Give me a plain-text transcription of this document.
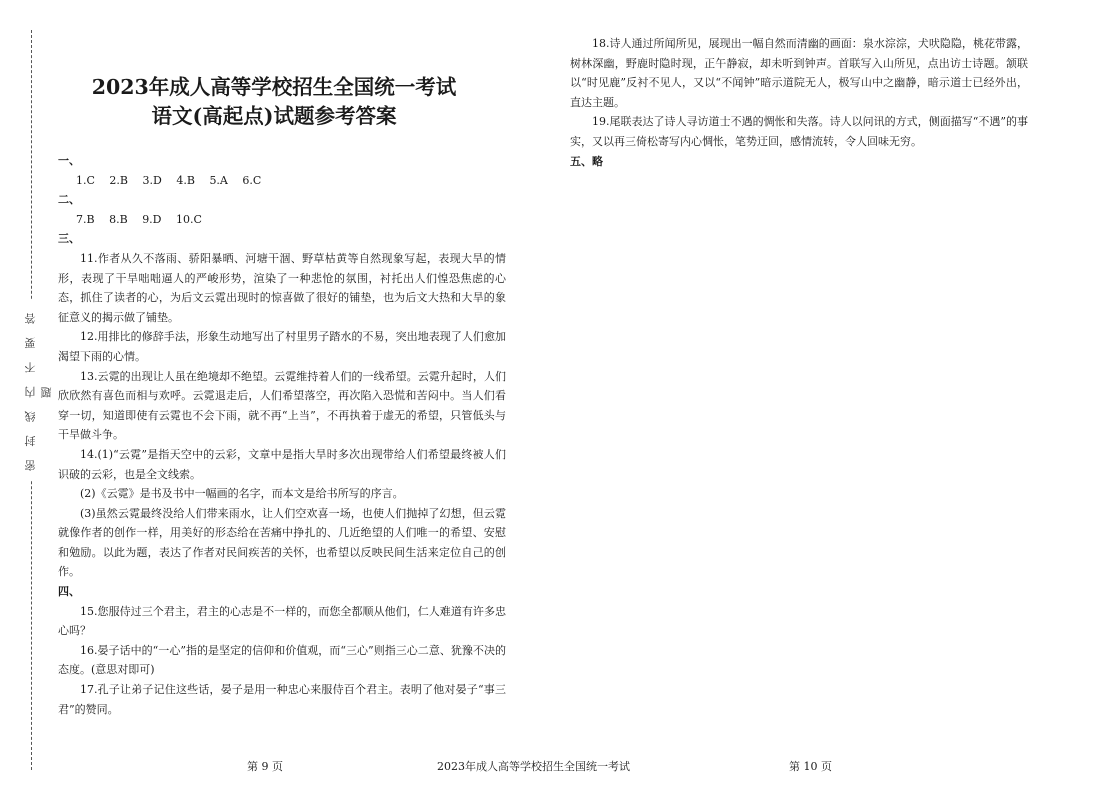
密 封 线 内 不 要 答 题

2023年成人高等学校招生全国统一考试

语文(高起点)试题参考答案

一、

1.C 2.B 3.D 4.B 5.A 6.C

二、

7.B 8.B 9.D 10.C

三、

11.作者从久不落雨、骄阳暴晒、河塘干涸、野草枯黄等自然现象写起，表现大旱的情形，表现了干旱咄咄逼人的严峻形势，渲染了一种悲怆的氛围，衬托出人们惶恐焦虑的心态，抓住了读者的心，为后文云霓出现时的惊喜做了很好的铺垫，也为后文大热和大旱的象征意义的揭示做了铺垫。

12.用排比的修辞手法，形象生动地写出了村里男子踏水的不易，突出地表现了人们愈加渴望下雨的心情。

13.云霓的出现让人虽在绝境却不绝望。云霓维持着人们的一线希望。云霓升起时，人们欣欣然有喜色而相与欢呼。云霓退走后，人们希望落空，再次陷入恐慌和苦闷中。当人们看穿一切，知道即使有云霓也不会下雨，就不再“上当”，不再执着于虚无的希望，只管低头与干旱做斗争。

14.(1)“云霓”是指天空中的云彩，文章中是指大旱时多次出现带给人们希望最终被人们识破的云彩，也是全文线索。

(2)《云霓》是书及书中一幅画的名字，而本文是给书所写的序言。

(3)虽然云霓最终没给人们带来雨水，让人们空欢喜一场，也使人们抛掉了幻想，但云霓就像作者的创作一样，用美好的形态给在苦痛中挣扎的、几近绝望的人们唯一的希望、安慰和勉励。以此为题，表达了作者对民间疾苦的关怀，也希望以反映民间生活来定位自己的创作。

四、

15.您服侍过三个君主，君主的心志是不一样的，而您全都顺从他们，仁人难道有许多忠心吗？

16.晏子话中的“一心”指的是坚定的信仰和价值观，而“三心”则指三心二意、犹豫不决的态度。(意思对即可)

17.孔子让弟子记住这些话，晏子是用一种忠心来服侍百个君主。表明了他对晏子“事三君”的赞同。

18.诗人通过所闻所见，展现出一幅自然而清幽的画面：泉水淙淙，犬吠隐隐，桃花带露，树林深幽，野鹿时隐时现，正午静寂，却未听到钟声。首联写入山所见，点出访士诗题。颔联以“时见鹿”反衬不见人，又以“不闻钟”暗示道院无人，极写山中之幽静，暗示道士已经外出，直达主题。

19.尾联表达了诗人寻访道士不遇的惆怅和失落。诗人以问讯的方式，侧面描写“不遇”的事实，又以再三倚松寄写内心惆怅，笔势迂回，感情流转，令人回味无穷。

五、略

第 9 页	2023年成人高等学校招生全国统一考试	第 10 页
